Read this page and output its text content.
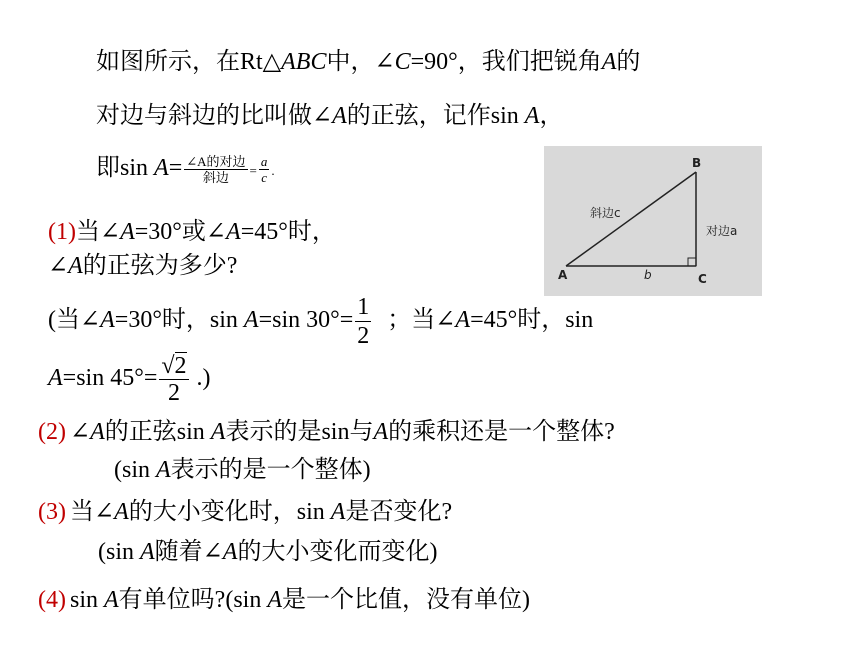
如图所示，在Rt△ABC中，∠C=90°，我们把锐角A的
对边与斜边的比叫做∠A的正弦，记作sin A，
即$\sin A= \frac{\text{∠A的对边}}{\text{斜边}} = \frac{a}{c}$ .	B
A	C
斜边c
对边a
b
(1)当∠A=30°或∠A=45°时，
∠A的正弦为多少?
(当∠A=30°时，sin A=sin $30^\circ= \frac{1}{2}$ ；当∠A=45°时，sin
A=sin $45^\circ= \frac{√2}{2}$ .)
(2) ∠A的正弦sin A表示的是sin与A的乘积还是一个整体?
(sin A表示的是一个整体)
(3) 当∠A的大小变化时，sin A是否变化?
(sin A随着∠A的大小变化而变化)
(4) sin A有单位吗?(sin A是一个比值，没有单位)
